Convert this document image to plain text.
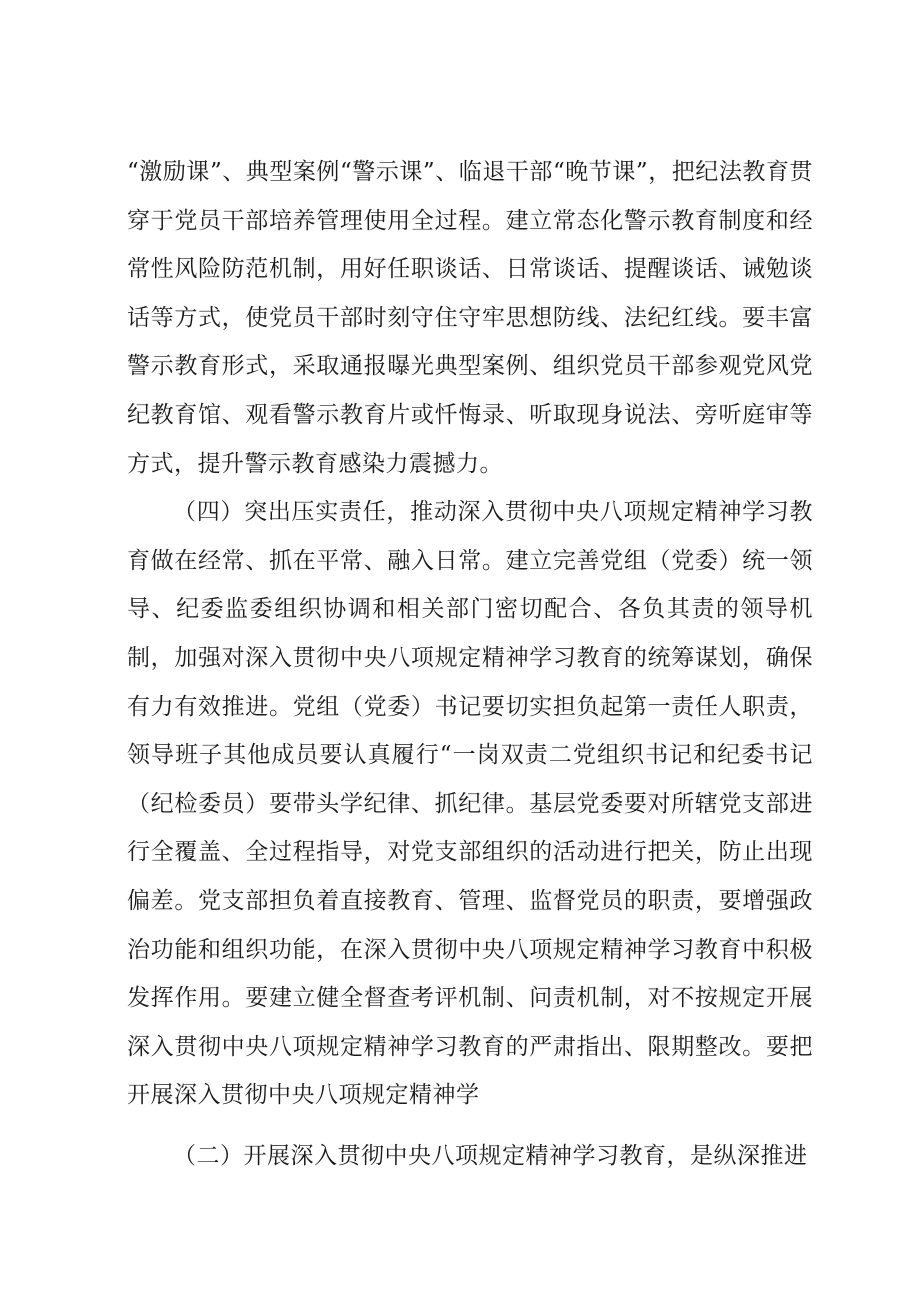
“激励课”、典型案例“警示课”、临退干部“晚节课”，把纪法教育贯穿于党员干部培养管理使用全过程。建立常态化警示教育制度和经常性风险防范机制，用好任职谈话、日常谈话、提醒谈话、诫勉谈话等方式，使党员干部时刻守住守牢思想防线、法纪红线。要丰富警示教育形式，采取通报曝光典型案例、组织党员干部参观党风党纪教育馆、观看警示教育片或忏悔录、听取现身说法、旁听庭审等方式，提升警示教育感染力震撼力。

（四）突出压实责任，推动深入贯彻中央八项规定精神学习教育做在经常、抓在平常、融入日常。建立完善党组（党委）统一领导、纪委监委组织协调和相关部门密切配合、各负其责的领导机制，加强对深入贯彻中央八项规定精神学习教育的统筹谋划，确保有力有效推进。党组（党委）书记要切实担负起第一责任人职责，领导班子其他成员要认真履行“一岗双责二党组织书记和纪委书记（纪检委员）要带头学纪律、抓纪律。基层党委要对所辖党支部进行全覆盖、全过程指导，对党支部组织的活动进行把关，防止出现偏差。党支部担负着直接教育、管理、监督党员的职责，要增强政治功能和组织功能，在深入贯彻中央八项规定精神学习教育中积极发挥作用。要建立健全督查考评机制、问责机制，对不按规定开展深入贯彻中央八项规定精神学习教育的严肃指出、限期整改。要把开展深入贯彻中央八项规定精神学

（二）开展深入贯彻中央八项规定精神学习教育，是纵深推进
